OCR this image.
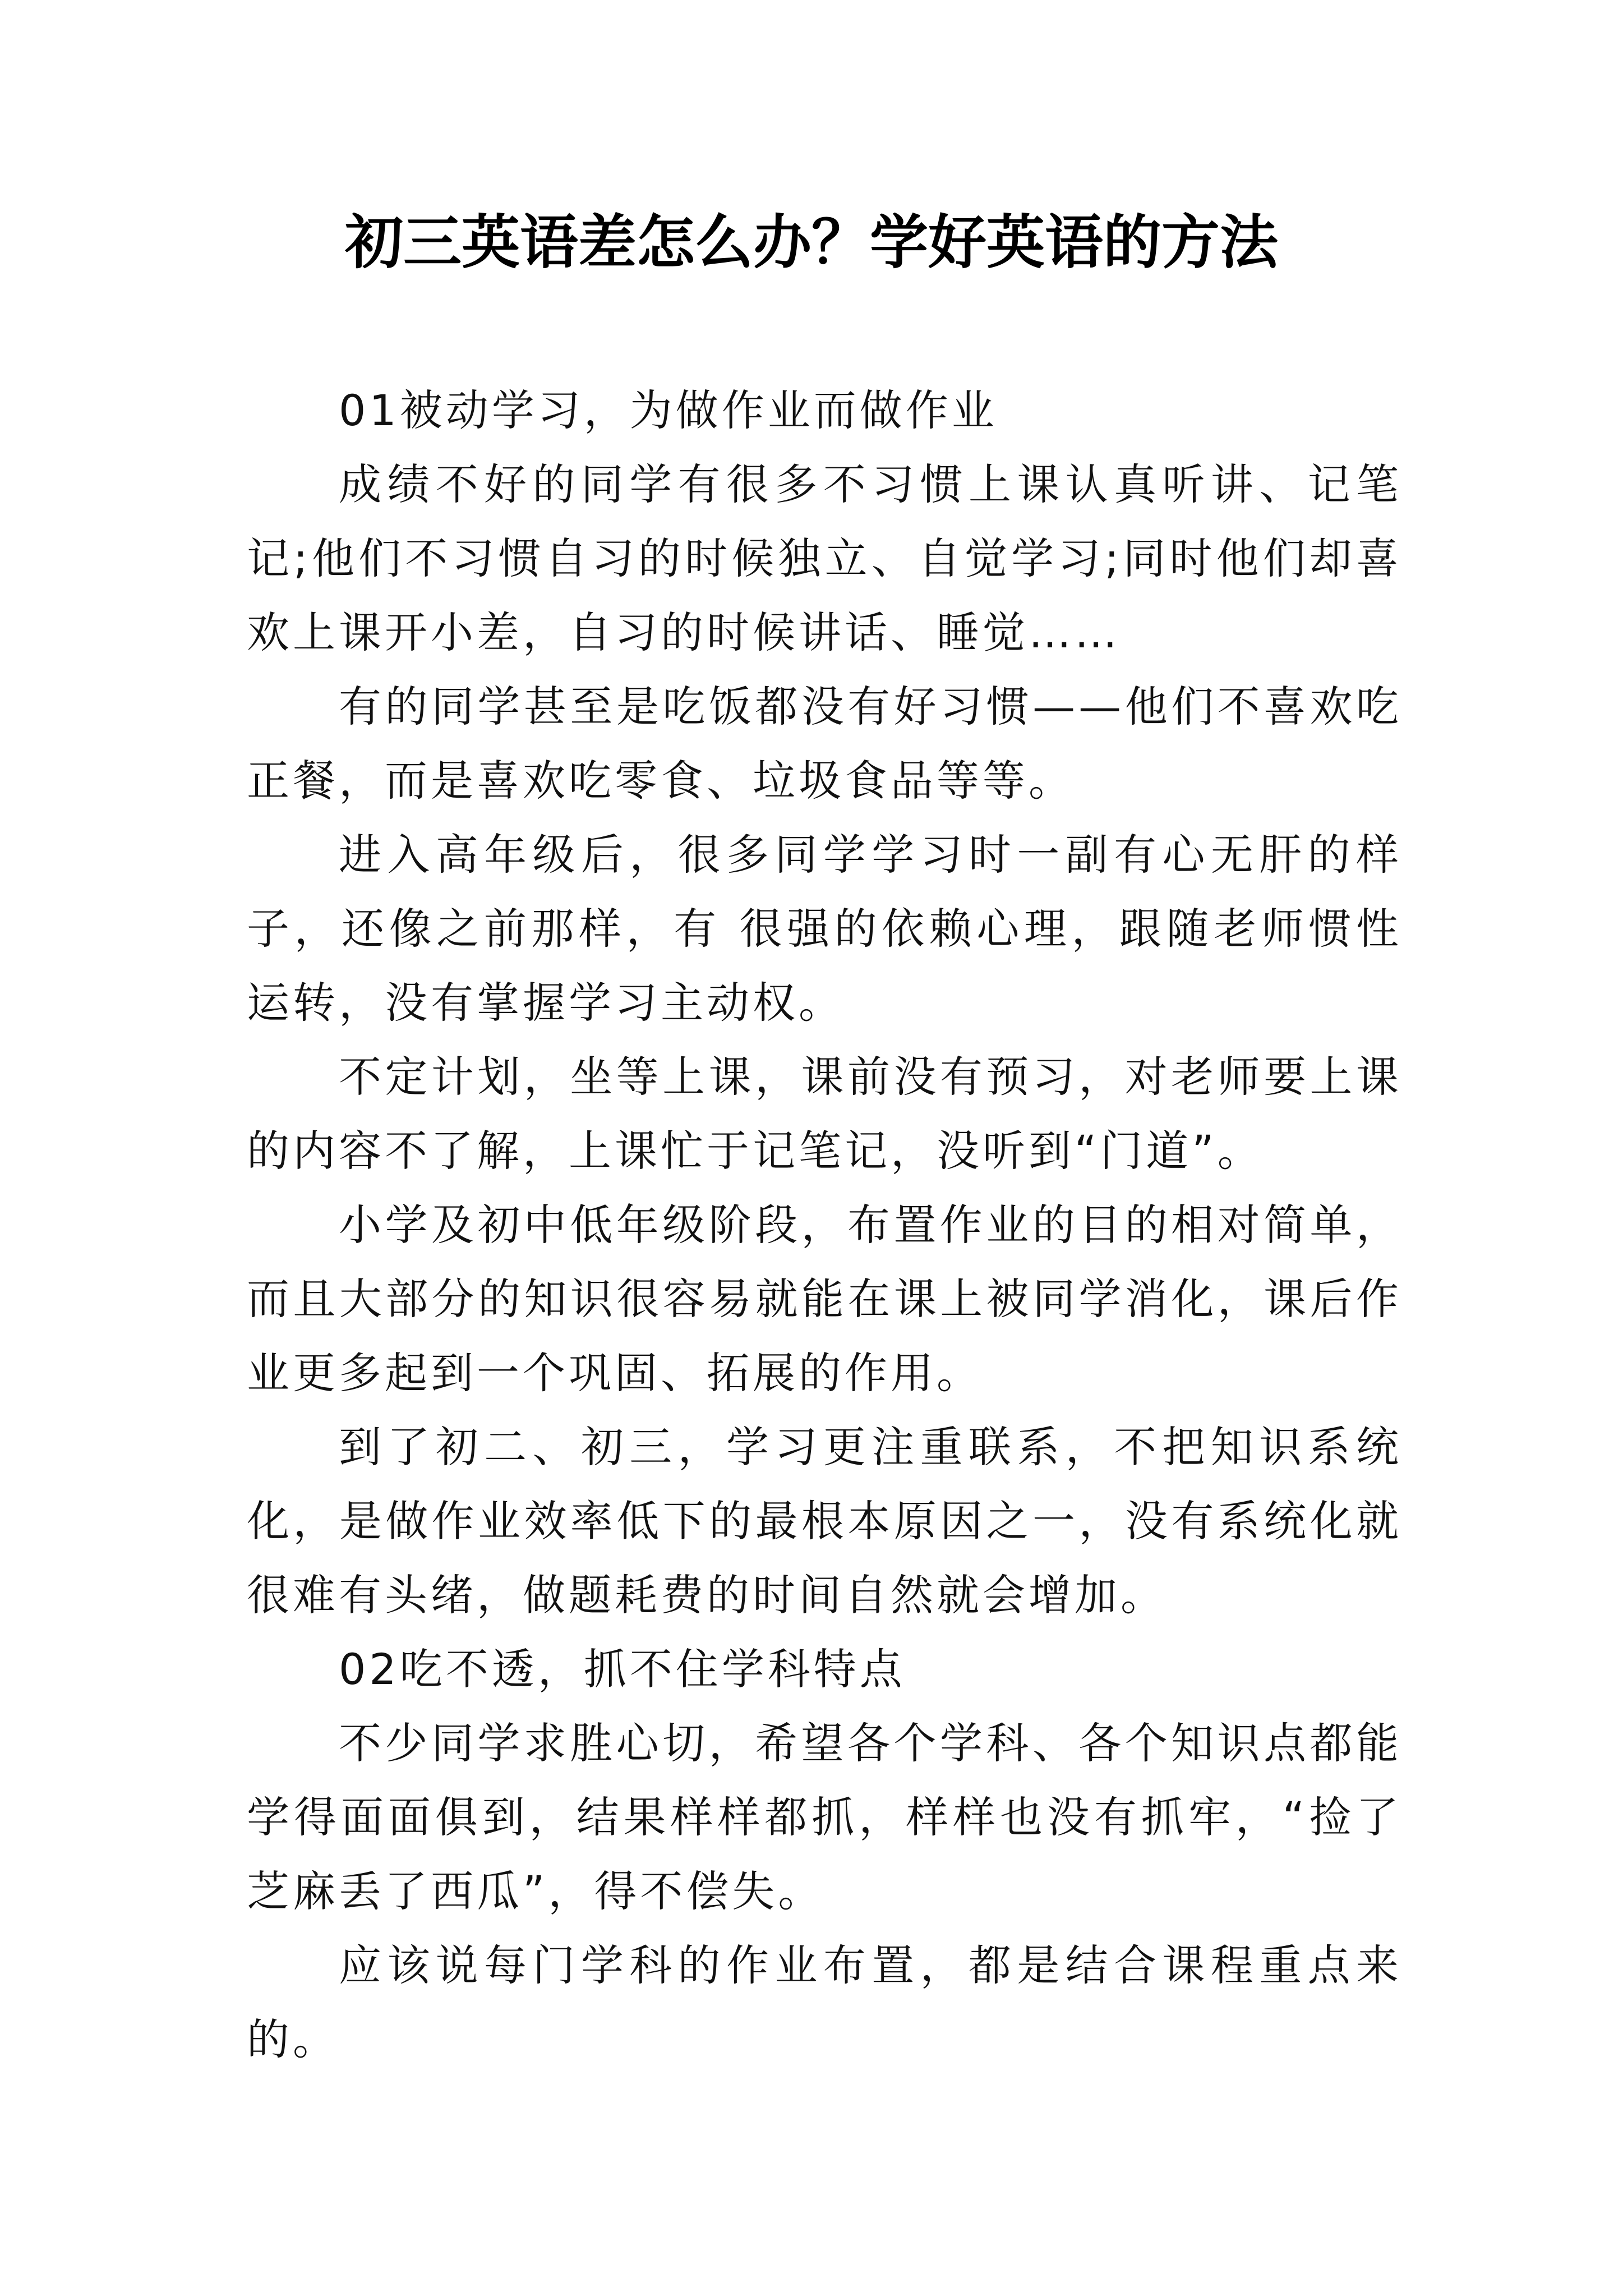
初三英语差怎么办？学好英语的方法

01被动学习，为做作业而做作业

成绩不好的同学有很多不习惯上课认真听讲、记笔记;他们不习惯自习的时候独立、自觉学习;同时他们却喜欢上课开小差，自习的时候讲话、睡觉……

有的同学甚至是吃饭都没有好习惯——他们不喜欢吃正餐，而是喜欢吃零食、垃圾食品等等。

进入高年级后，很多同学学习时一副有心无肝的样子，还像之前那样，有 很强的依赖心理，跟随老师惯性运转，没有掌握学习主动权。

不定计划，坐等上课，课前没有预习，对老师要上课的内容不了解，上课忙于记笔记，没听到“门道”。

小学及初中低年级阶段，布置作业的目的相对简单，而且大部分的知识很容易就能在课上被同学消化，课后作业更多起到一个巩固、拓展的作用。

到了初二、初三，学习更注重联系，不把知识系统化，是做作业效率低下的最根本原因之一，没有系统化就很难有头绪，做题耗费的时间自然就会增加。

02吃不透，抓不住学科特点

不少同学求胜心切，希望各个学科、各个知识点都能学得面面俱到，结果样样都抓，样样也没有抓牢，“捡了芝麻丢了西瓜”，得不偿失。

应该说每门学科的作业布置，都是结合课程重点来的。
